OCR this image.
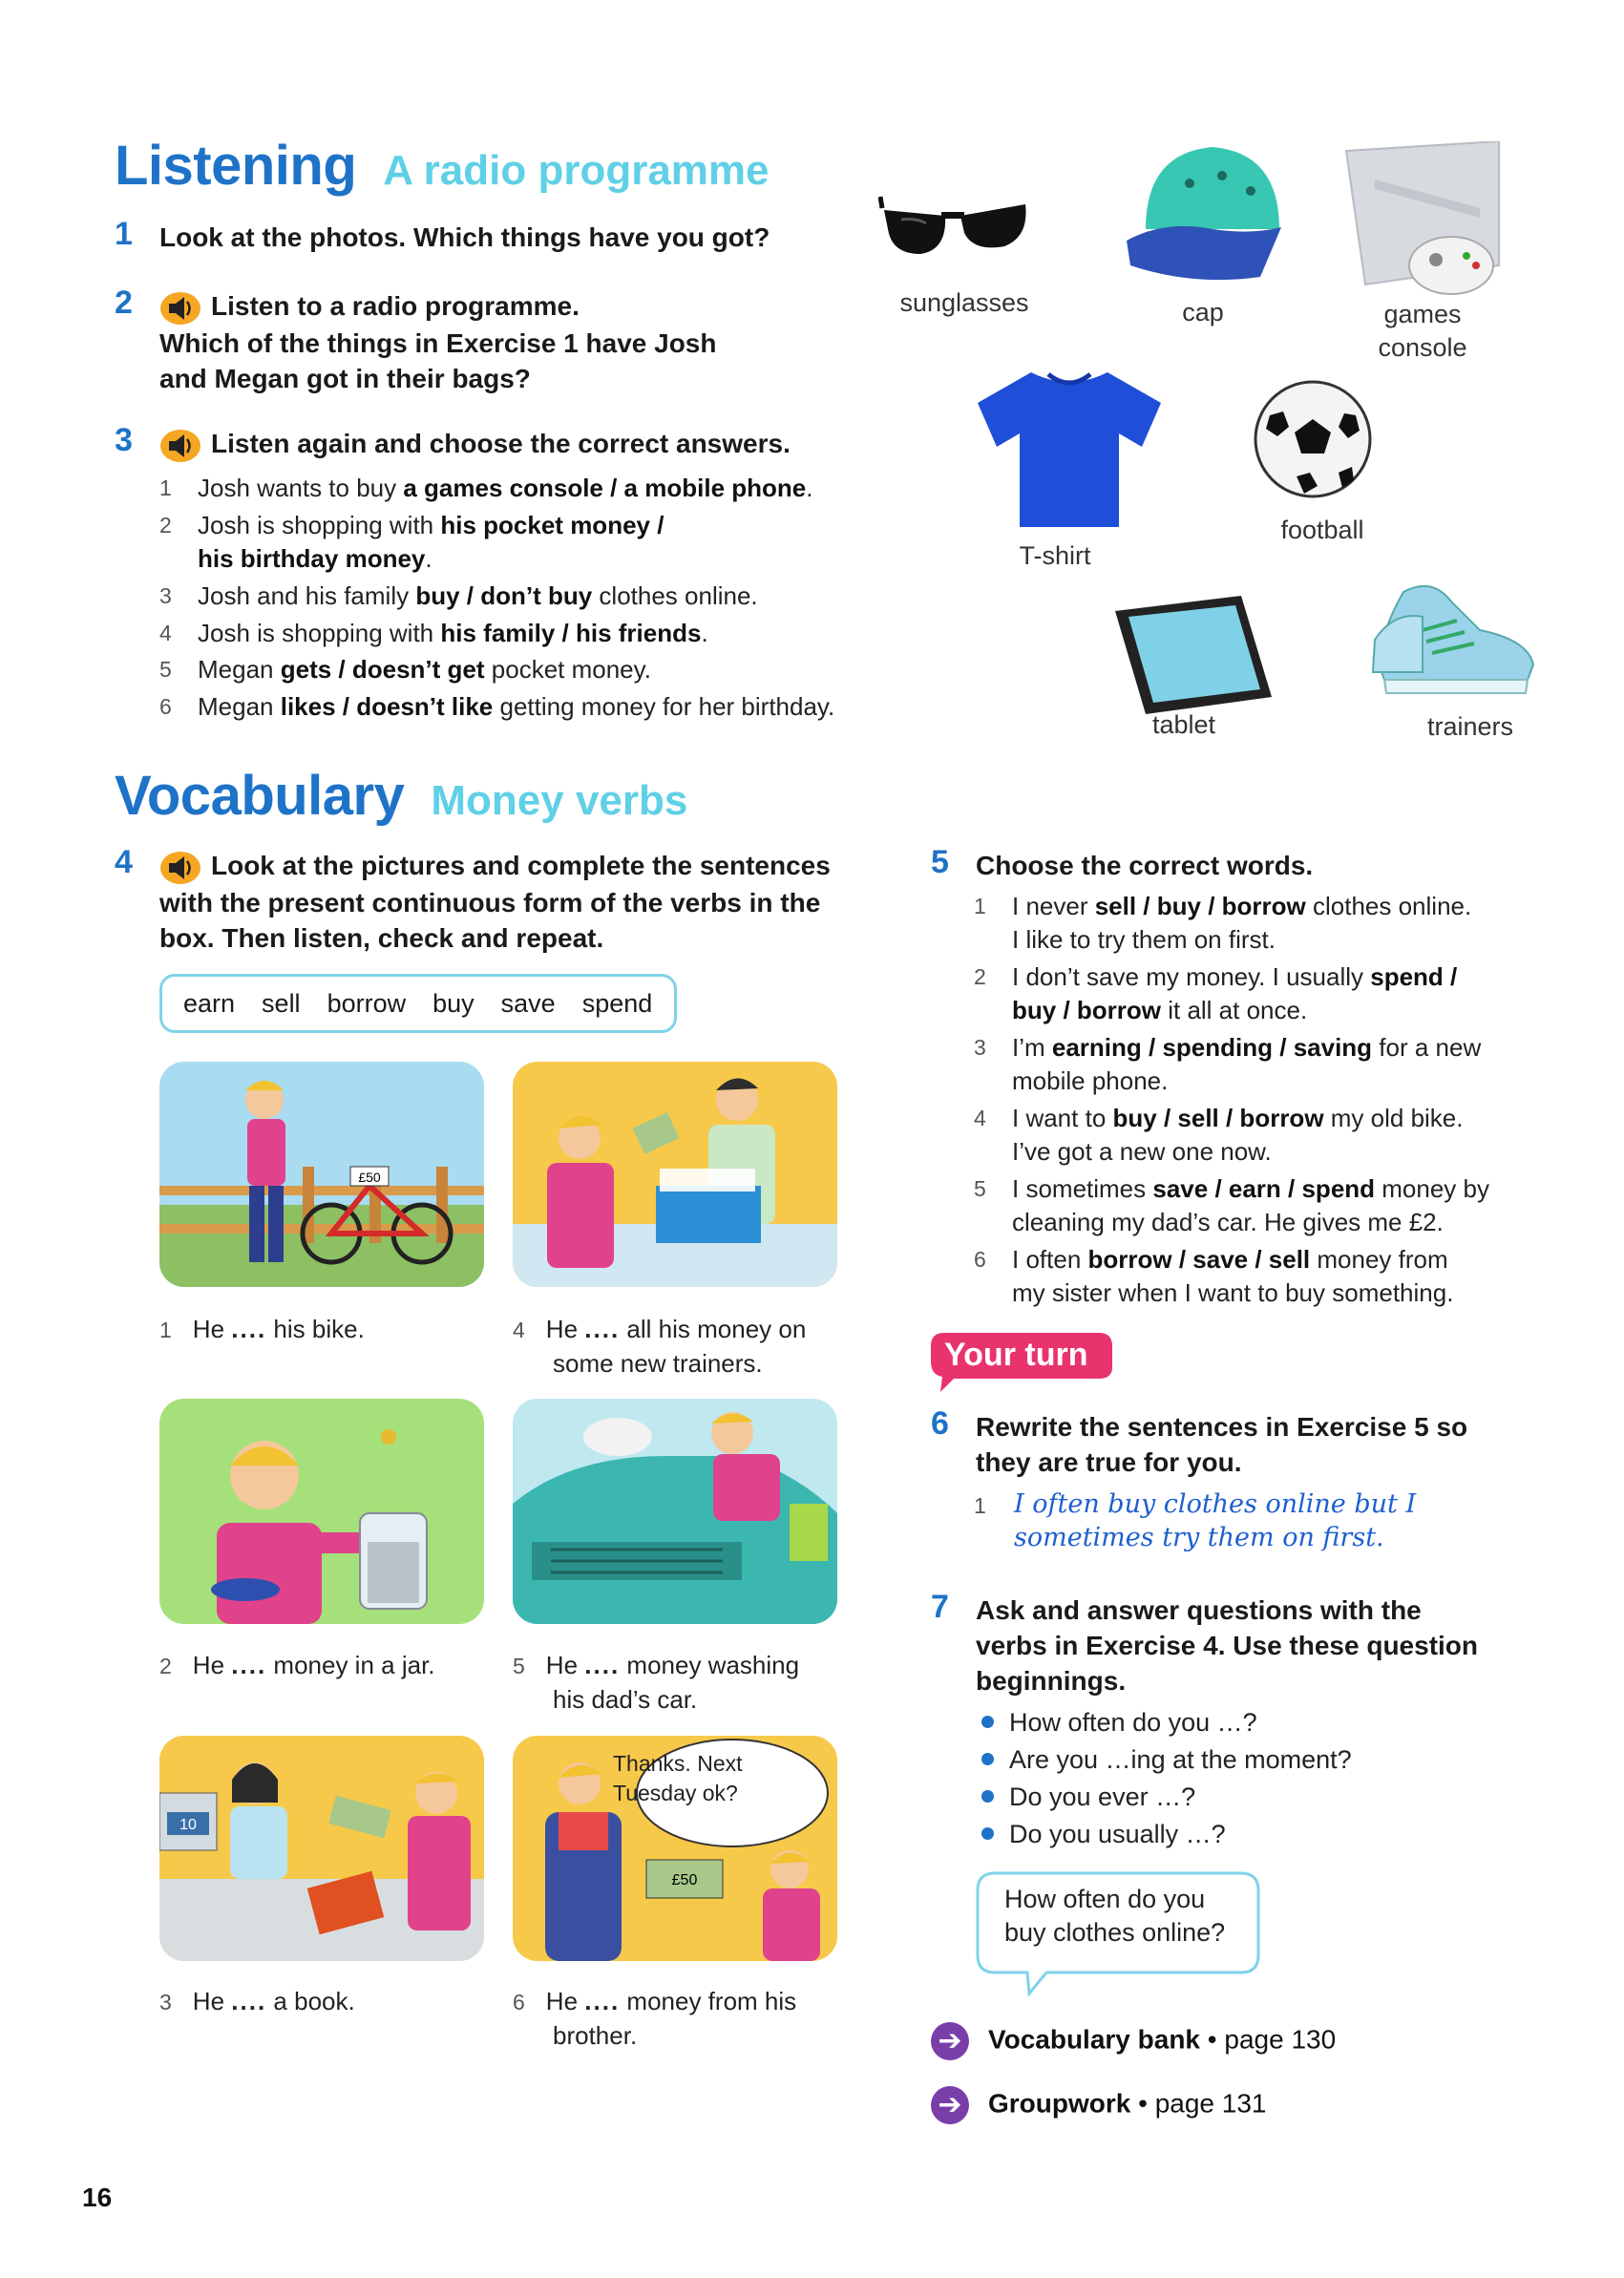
Listening A radio programme
1 Look at the photos. Which things have you got?
2	Listen to a radio programme.
Which of the things in Exercise 1 have Josh
and Megan got in their bags?
3	Listen again and choose the correct answers.
1 Josh wants to buy a games console / a mobile phone.
2 Josh is shopping with his pocket money /
his birthday money.
3 Josh and his family buy / don’t buy clothes online.
4 Josh is shopping with his family / his friends.
5 Megan gets / doesn’t get pocket money.
6 Megan likes / doesn’t like getting money for her birthday.
sunglasses	cap	games
console
T-shirt
football
tablet	trainers
Vocabulary Money verbs
4	Look at the pictures and complete the sentences
with the present continuous form of the verbs in the
box. Then listen, check and repeat.
earn sell borrow buy save spend
£50
10
£50
Thanks. Next
Tuesday ok?
1 He .... his bike.	4 He .... all his money on
some new trainers.
2 He .... money in a jar.	5 He .... money washing
his dad’s car.
3 He .... a book.	6 He .... money from his
brother.
5 Choose the correct words.
1 I never sell / buy / borrow clothes online.
I like to try them on first.
2 I don’t save my money. I usually spend /
buy / borrow it all at once.
3 I’m earning / spending / saving for a new
mobile phone.
4 I want to buy / sell / borrow my old bike.
I’ve got a new one now.
5 I sometimes save / earn / spend money by
cleaning my dad’s car. He gives me £2.
6 I often borrow / save / sell money from
my sister when I want to buy something.
Your turn
6 Rewrite the sentences in Exercise 5 so
they are true for you.
1 I often buy clothes online but I
sometimes try them on first.
7 Ask and answer questions with the
verbs in Exercise 4. Use these question
beginnings.
How often do you …?
Are you …ing at the moment?
Do you ever …?
Do you usually …?
How often do you
buy clothes online?
➔ Vocabulary bank • page 130
➔ Groupwork • page 131
16
